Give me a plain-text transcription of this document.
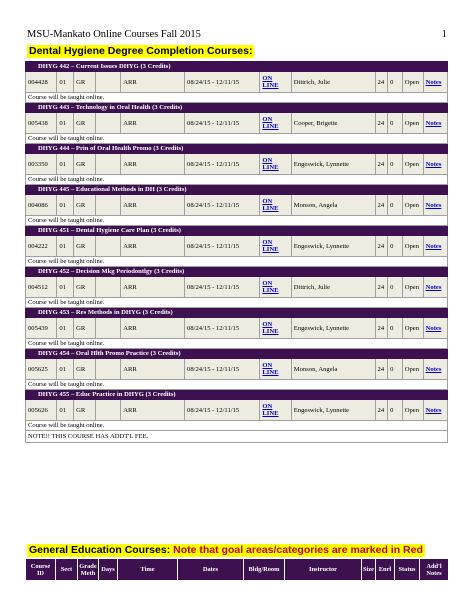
MSU-Mankato Online Courses Fall 2015	1
Dental Hygiene Degree Completion Courses:
DHYG 442 – Current Issues DHYG (3 Credits)											
004428	01	GR		ARR	08/24/15 - 12/11/15	ON LINE	Dittrich, Julie	24	0	Open	Notes
Course will be taught online.											
DHYG 443 – Technology in Oral Health (3 Credits)											
005438	01	GR		ARR	08/24/15 - 12/11/15	ON LINE	Cooper, Brigette	24	0	Open	Notes
Course will be taught online.											
DHYG 444 – Prin of Oral Health Promo (3 Credits)											
003350	01	GR		ARR	08/24/15 - 12/11/15	ON LINE	Engeswick, Lynnette	24	0	Open	Notes
Course will be taught online.											
DHYG 445 – Educational Methods in DH (3 Credits)											
004086	01	GR		ARR	08/24/15 - 12/11/15	ON LINE	Monson, Angela	24	0	Open	Notes
Course will be taught online.											
DHYG 451 – Dental Hygiene Care Plan (3 Credits)											
004222	01	GR		ARR	08/24/15 - 12/11/15	ON LINE	Engeswick, Lynnette	24	0	Open	Notes
Course will be taught online.											
DHYG 452 – Decision Mkg Periodontlgy (3 Credits)											
004512	01	GR		ARR	08/24/15 - 12/11/15	ON LINE	Dittrich, Julie	24	0	Open	Notes
Course will be taught online.											
DHYG 453 – Res Methods in DHYG (3 Credits)											
005439	01	GR		ARR	08/24/15 - 12/11/15	ON LINE	Engeswick, Lynnette	24	0	Open	Notes
Course will be taught online.											
DHYG 454 – Oral Hlth Promo Practice (3 Credits)											
005625	01	GR		ARR	08/24/15 - 12/11/15	ON LINE	Monson, Angela	24	0	Open	Notes
Course will be taught online.											
DHYG 455 – Educ Practice in DHYG (3 Credits)											
005626	01	GR		ARR	08/24/15 - 12/11/15	ON LINE	Engeswick, Lynnette	24	0	Open	Notes
Course will be taught online.											
NOTE!! THIS COURSE HAS ADDT'L FEE.											
General Education Courses: Note that goal areas/categories are marked in Red
Course ID	Sect	Grade Meth	Days	Time	Dates	Bldg/Room	Instructor	Size	Enrl	Status	Add'l Notes
